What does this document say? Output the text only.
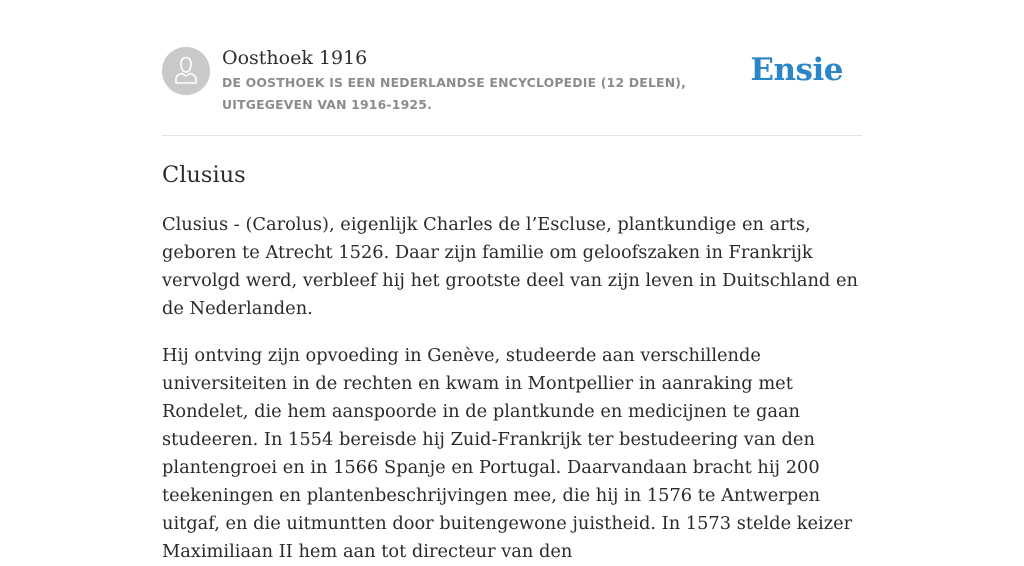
Oosthoek 1916
DE OOSTHOEK IS EEN NEDERLANDSE ENCYCLOPEDIE (12 DELEN), UITGEGEVEN VAN 1916-1925.
Ensie
Clusius

Clusius - (Carolus), eigenlijk Charles de l’Escluse, plantkundige en arts, geboren te Atrecht 1526. Daar zijn familie om geloofszaken in Frankrijk vervolgd werd, verbleef hij het grootste deel van zijn leven in Duitschland en de Nederlanden.

Hij ontving zijn opvoeding in Genève, studeerde aan verschillende universiteiten in de rechten en kwam in Montpellier in aanraking met Rondelet, die hem aanspoorde in de plantkunde en medicijnen te gaan studeeren. In 1554 bereisde hij Zuid-Frankrijk ter bestudeering van den plantengroei en in 1566 Spanje en Portugal. Daarvandaan bracht hij 200 teekeningen en plantenbeschrijvingen mee, die hij in 1576 te Antwerpen uitgaf, en die uitmuntten door buitengewone juistheid. In 1573 stelde keizer Maximiliaan II hem aan tot directeur van den
